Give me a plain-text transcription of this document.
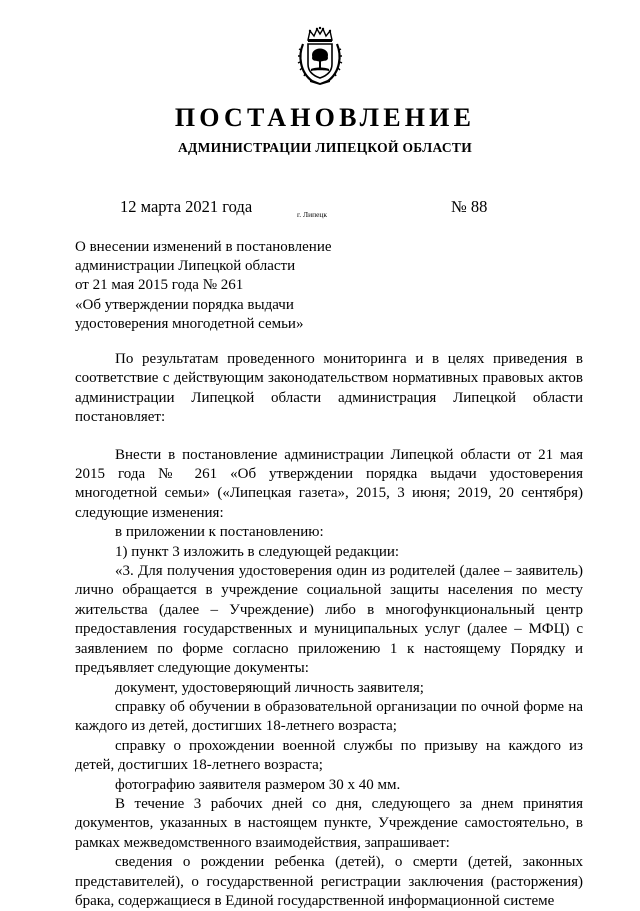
ПОСТАНОВЛЕНИЕ
АДМИНИСТРАЦИИ ЛИПЕЦКОЙ ОБЛАСТИ
12 марта 2021 года	г. Липецк	№ 88
О внесении изменений в постановление
администрации Липецкой области
от 21 мая 2015 года № 261
«Об утверждении порядка выдачи
удостоверения многодетной семьи»

По результатам проведенного мониторинга и в целях приведения в соответствие с действующим законодательством нормативных правовых актов администрации Липецкой области администрация Липецкой области постановляет:

Внести в постановление администрации Липецкой области от 21 мая 2015 года № 261 «Об утверждении порядка выдачи удостоверения многодетной семьи» («Липецкая газета», 2015, 3 июня; 2019, 20 сентября) следующие изменения:

в приложении к постановлению:

1) пункт 3 изложить в следующей редакции:

«3. Для получения удостоверения один из родителей (далее – заявитель) лично обращается в учреждение социальной защиты населения по месту жительства (далее – Учреждение) либо в многофункциональный центр предоставления государственных и муниципальных услуг (далее – МФЦ) с заявлением по форме согласно приложению 1 к настоящему Порядку и предъявляет следующие документы:

документ, удостоверяющий личность заявителя;

справку об обучении в образовательной организации по очной форме на каждого из детей, достигших 18-летнего возраста;

справку о прохождении военной службы по призыву на каждого из детей, достигших 18-летнего возраста;

фотографию заявителя размером 30 х 40 мм.

В течение 3 рабочих дней со дня, следующего за днем принятия документов, указанных в настоящем пункте, Учреждение самостоятельно, в рамках межведомственного взаимодействия, запрашивает:

сведения о рождении ребенка (детей), о смерти (детей, законных представителей), о государственной регистрации заключения (расторжения) брака, содержащиеся в Единой государственной информационной системе
